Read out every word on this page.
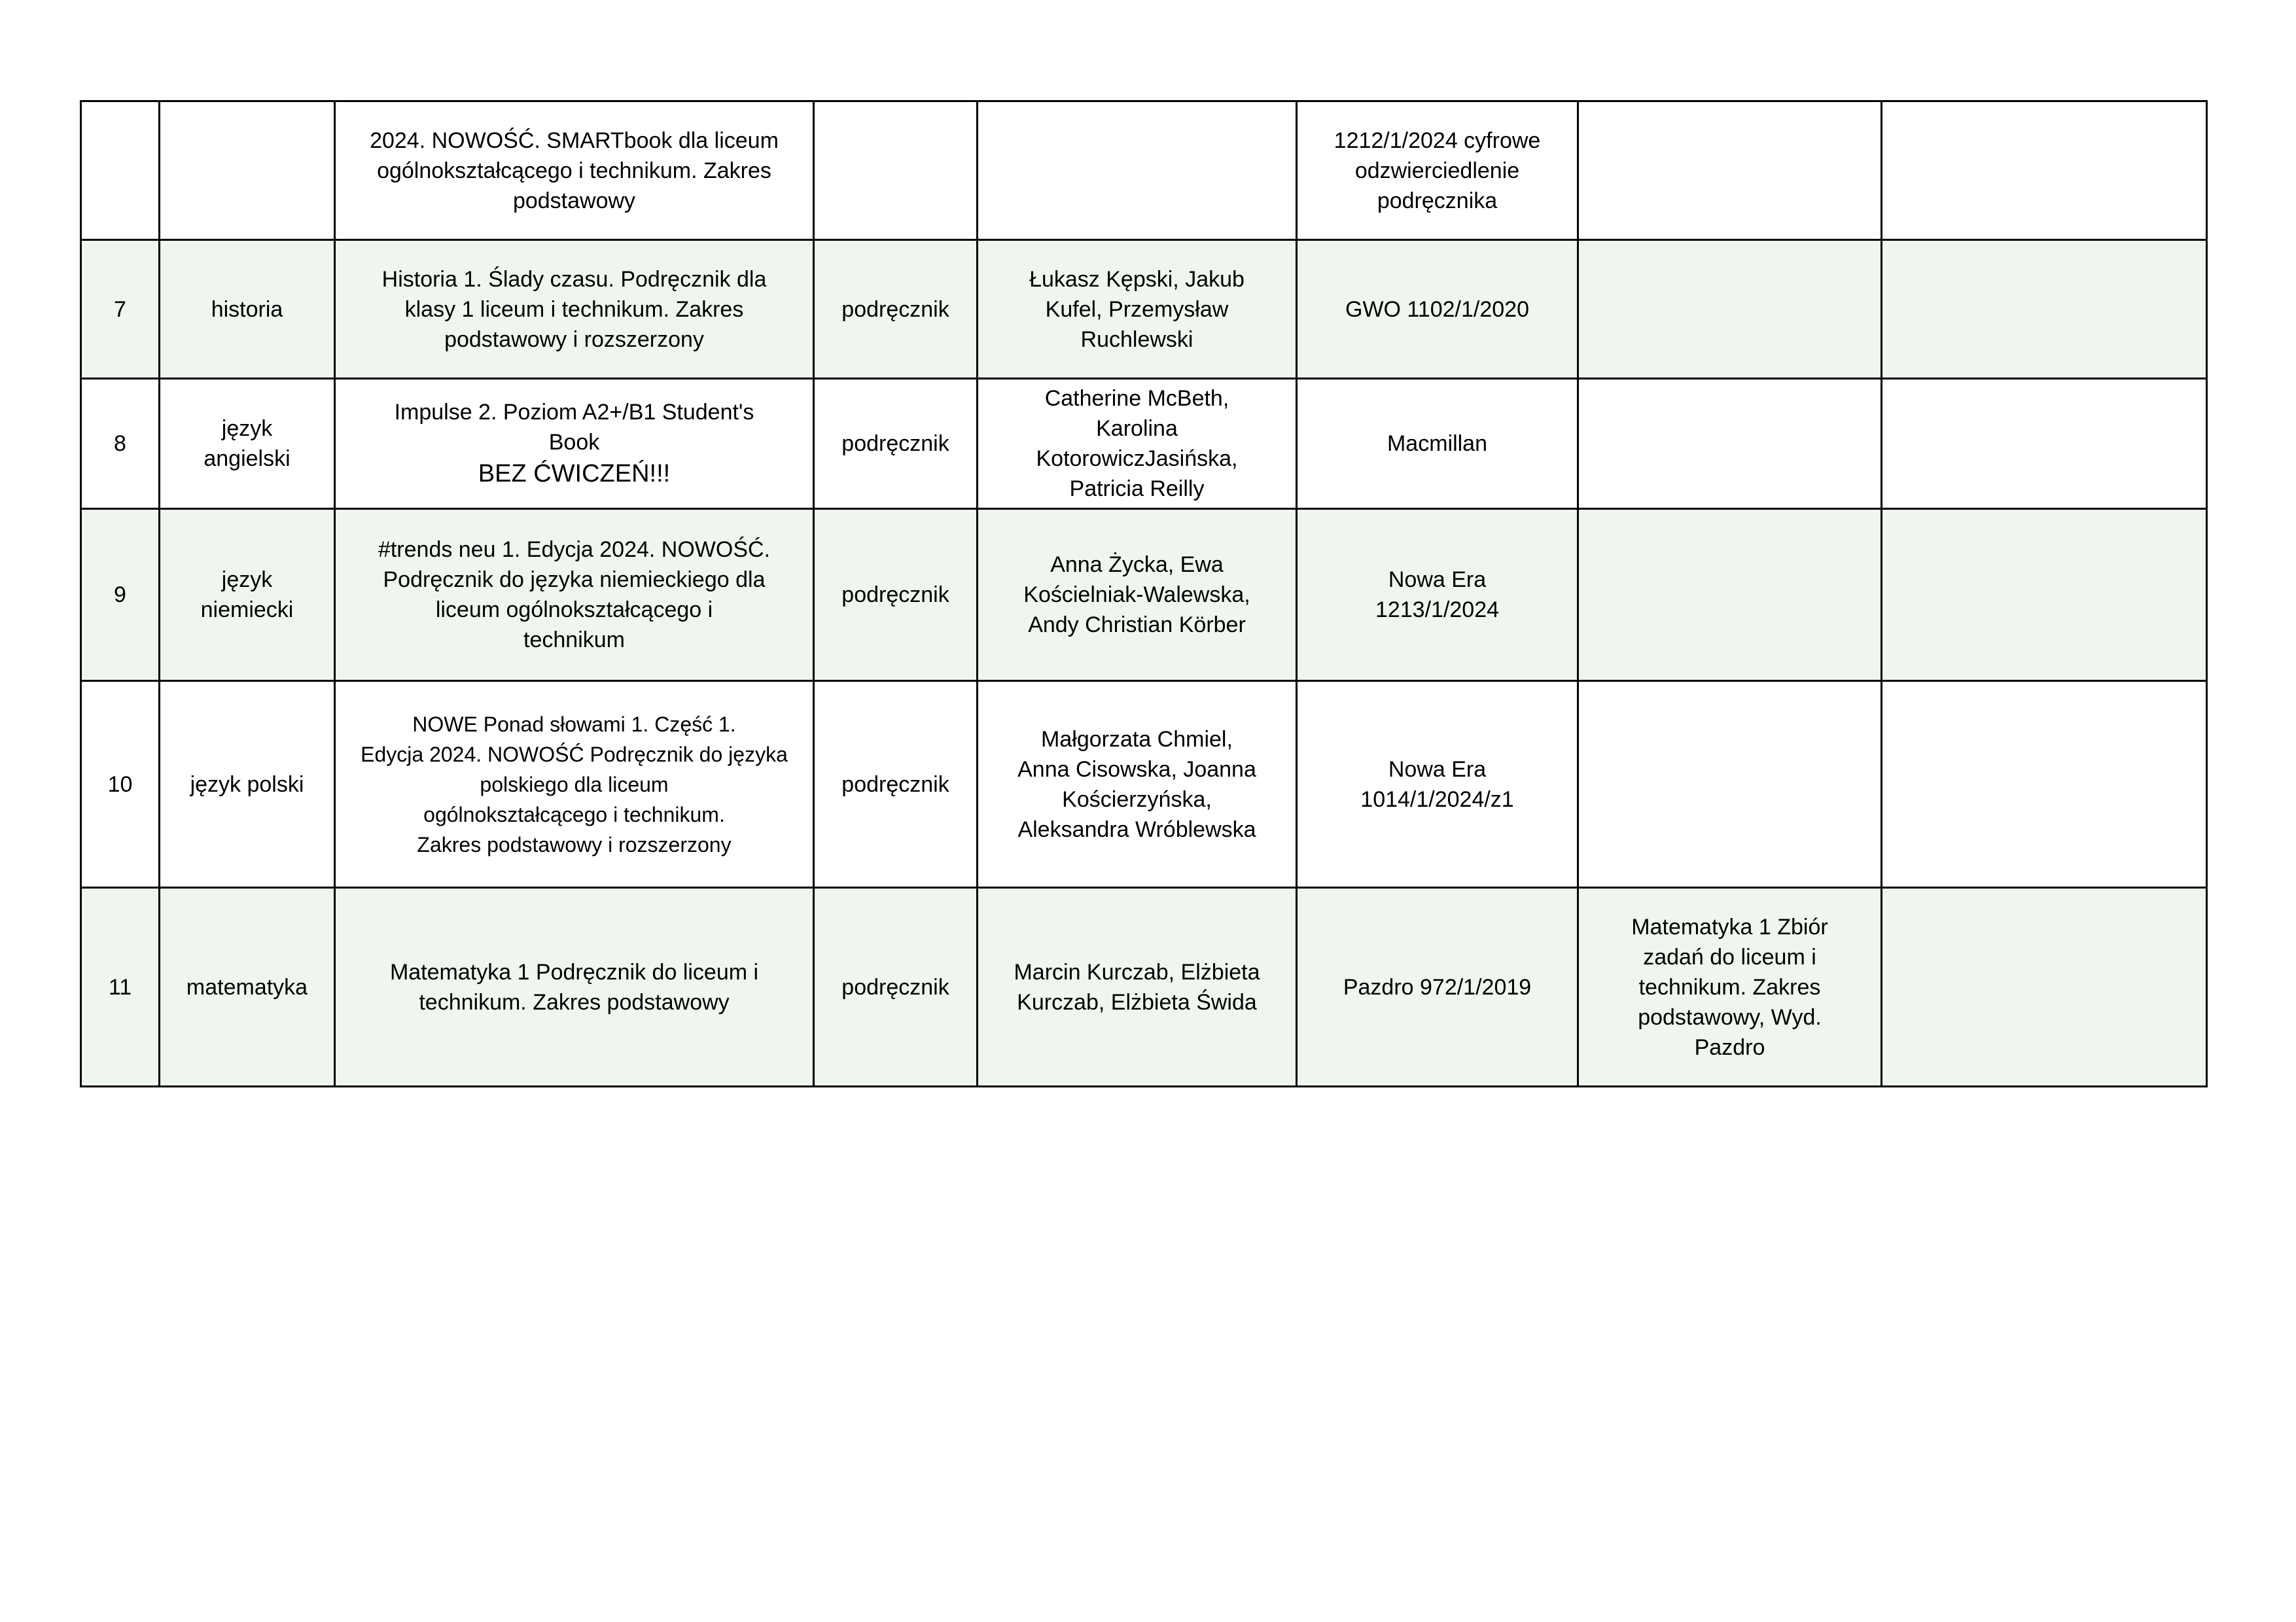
		2024. NOWOŚĆ. SMARTbook dla liceum
ogólnokształcącego i technikum. Zakres
podstawowy			1212/1/2024 cyfrowe
odzwierciedlenie
podręcznika		

7	historia	Historia 1. Ślady czasu. Podręcznik dla
klasy 1 liceum i technikum. Zakres
podstawowy i rozszerzony	podręcznik	Łukasz Kępski, Jakub
Kufel, Przemysław
Ruchlewski	GWO 1102/1/2020		

8	język
angielski	Impulse 2. Poziom A2+/B1 Student's
Book
BEZ ĆWICZEŃ!!!	podręcznik	Catherine McBeth,
Karolina
KotorowiczJasińska,
Patricia Reilly	Macmillan		

9	język
niemiecki	#trends neu 1. Edycja 2024. NOWOŚĆ.
Podręcznik do języka niemieckiego dla
liceum ogólnokształcącego i
technikum	podręcznik	Anna Życka, Ewa
Kościelniak-Walewska,
Andy Christian Körber	Nowa Era
1213/1/2024		

10	język polski	NOWE Ponad słowami 1. Część 1.
Edycja 2024. NOWOŚĆ Podręcznik do języka
polskiego dla liceum
ogólnokształcącego i technikum.
Zakres podstawowy i rozszerzony	podręcznik	Małgorzata Chmiel,
Anna Cisowska, Joanna
Kościerzyńska,
Aleksandra Wróblewska	Nowa Era
1014/1/2024/z1		

11	matematyka	Matematyka 1 Podręcznik do liceum i
technikum. Zakres podstawowy	podręcznik	Marcin Kurczab, Elżbieta
Kurczab, Elżbieta Świda	Pazdro 972/1/2019	Matematyka 1 Zbiór
zadań do liceum i
technikum. Zakres
podstawowy, Wyd.
Pazdro	
